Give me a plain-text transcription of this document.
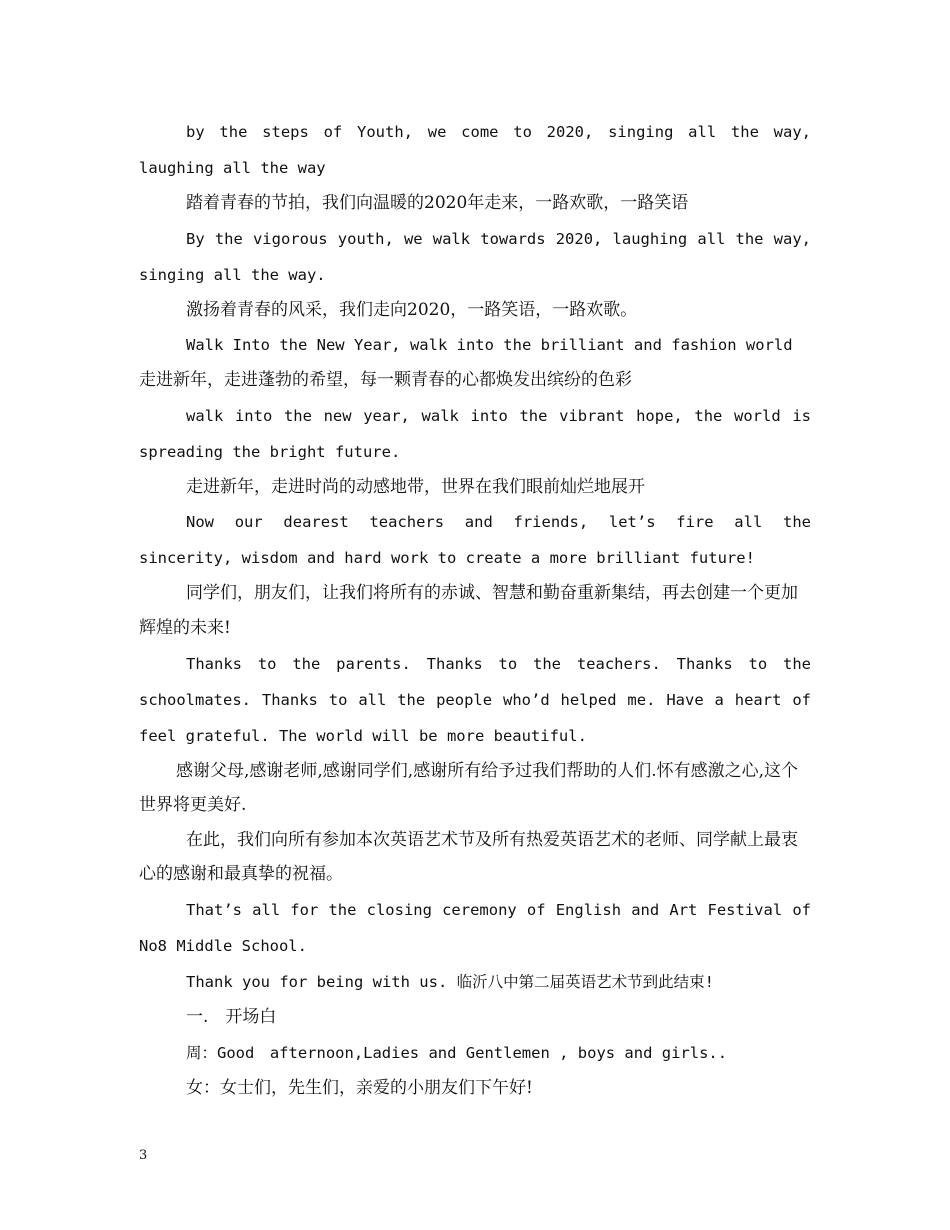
by the steps of Youth, we come to 2020, singing all the way, laughing all the way

踏着青春的节拍，我们向温暖的2020年走来，一路欢歌，一路笑语

By the vigorous youth, we walk towards 2020, laughing all the way, singing all the way.

激扬着青春的风采，我们走向2020，一路笑语，一路欢歌。

Walk Into the New Year, walk into the brilliant and fashion world

走进新年，走进蓬勃的希望，每一颗青春的心都焕发出缤纷的色彩

walk into the new year, walk into the vibrant hope, the world is spreading the bright future.

走进新年，走进时尚的动感地带，世界在我们眼前灿烂地展开

Now our dearest teachers and friends, let’s fire all the sincerity, wisdom and hard work to create a more brilliant future!

同学们，朋友们，让我们将所有的赤诚、智慧和勤奋重新集结，再去创建一个更加辉煌的未来!

Thanks to the parents. Thanks to the teachers. Thanks to the schoolmates. Thanks to all the people who’d helped me. Have a heart of feel grateful. The world will be more beautiful.

感谢父母,感谢老师,感谢同学们,感谢所有给予过我们帮助的人们.怀有感激之心,这个世界将更美好.

在此，我们向所有参加本次英语艺术节及所有热爱英语艺术的老师、同学献上最衷心的感谢和最真挚的祝福。

That’s all for the closing ceremony of English and Art Festival of No8 Middle School.

Thank you for being with us. 临沂八中第二届英语艺术节到此结束!

一.　开场白

周：Good　afternoon,Ladies and Gentlemen , boys and girls..

女：女士们，先生们，亲爱的小朋友们下午好!

3
